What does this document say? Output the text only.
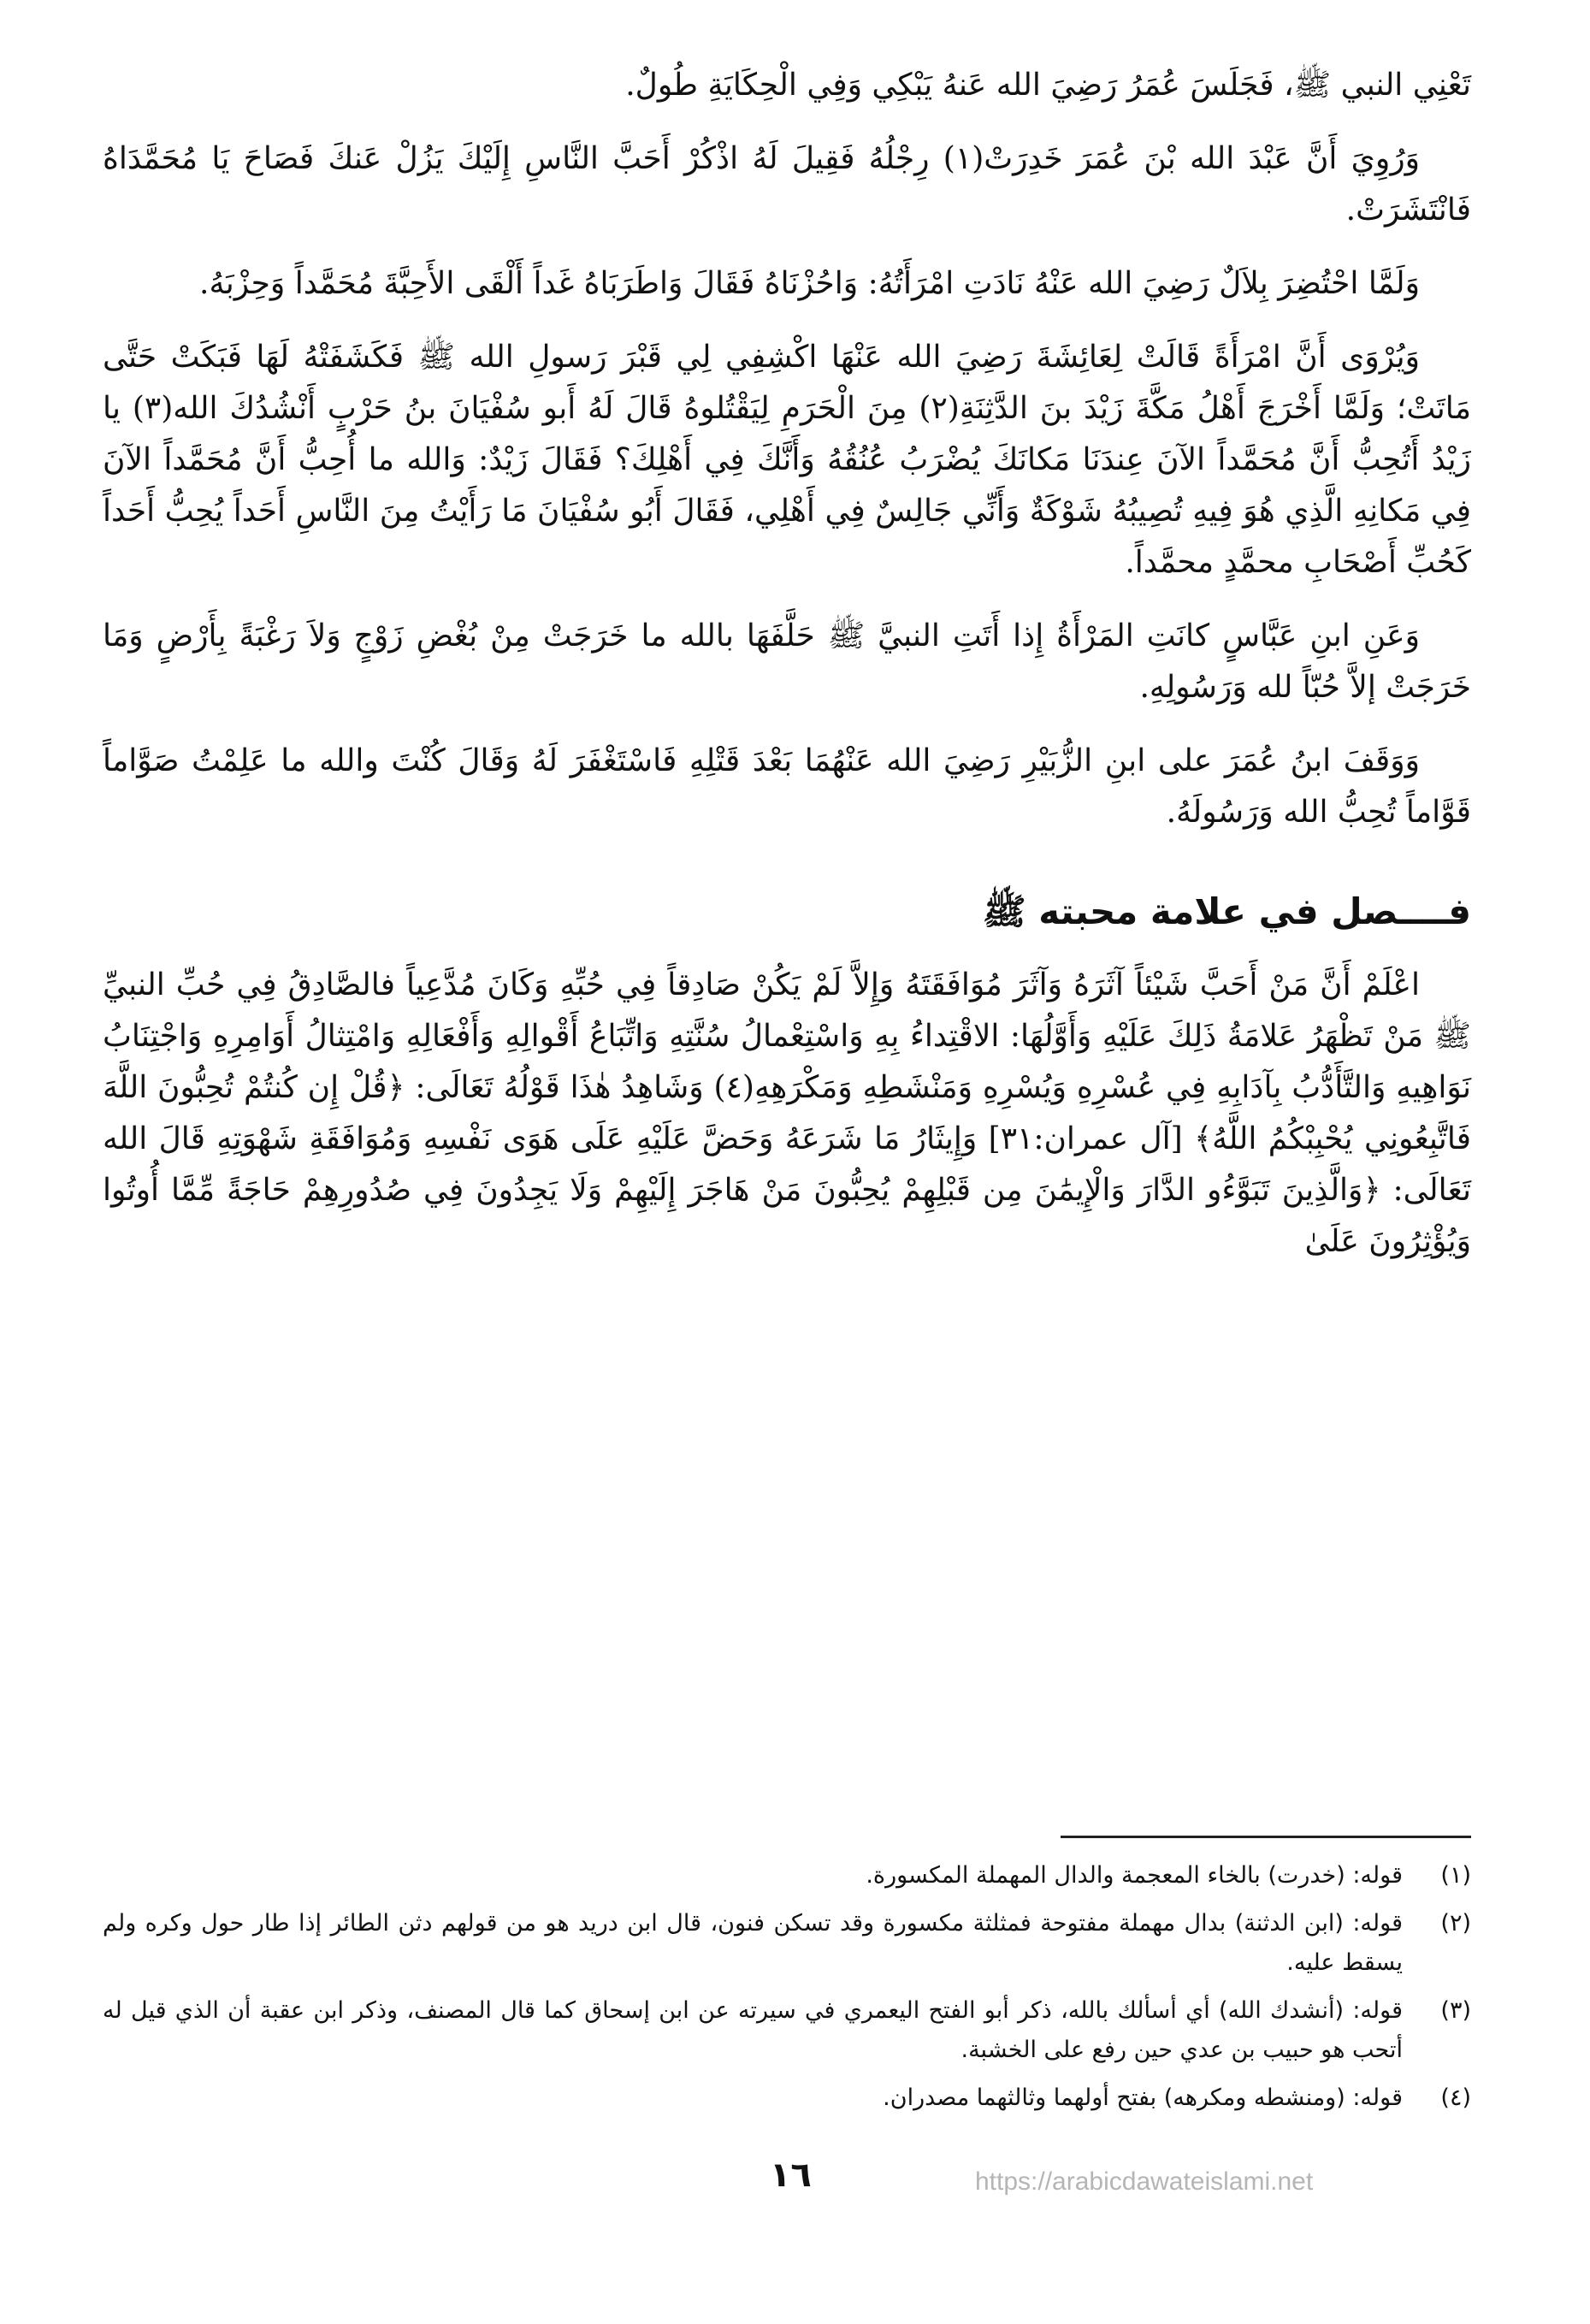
تَعْنِي النبي ﷺ، فَجَلَسَ عُمَرُ رَضِيَ الله عَنهُ يَبْكِي وَفِي الْحِكَايَةِ طُولٌ.

وَرُوِيَ أَنَّ عَبْدَ الله بْنَ عُمَرَ خَدِرَتْ(١) رِجْلُهُ فَقِيلَ لَهُ اذْكُرْ أَحَبَّ النَّاسِ إِلَيْكَ يَزُلْ عَنكَ فَصَاحَ يَا مُحَمَّدَاهُ فَانْتَشَرَتْ.

وَلَمَّا احْتُضِرَ بِلاَلٌ رَضِيَ الله عَنْهُ نَادَتِ امْرَأَتُهُ: وَاحُزْنَاهُ فَقَالَ وَاطَرَبَاهُ غَداً أَلْقَى الأَحِبَّةَ مُحَمَّداً وَحِزْبَهُ.

وَيُرْوَى أَنَّ امْرَأَةً قَالَتْ لِعَائِشَةَ رَضِيَ الله عَنْهَا اكْشِفِي لِي قَبْرَ رَسولِ الله ﷺ فَكَشَفَتْهُ لَهَا فَبَكَتْ حَتَّى مَاتَتْ؛ وَلَمَّا أَخْرَجَ أَهْلُ مَكَّةَ زَيْدَ بنَ الدَّثِنَةِ(٢) مِنَ الْحَرَمِ لِيَقْتُلوهُ قَالَ لَهُ أَبو سُفْيَانَ بنُ حَرْبٍ أَنْشُدُكَ الله(٣) يا زَيْدُ أَتُحِبُّ أَنَّ مُحَمَّداً الآنَ عِندَنَا مَكانَكَ يُضْرَبُ عُنُقُهُ وَأَنَّكَ فِي أَهْلِكَ؟ فَقَالَ زَيْدٌ: وَالله ما أُحِبُّ أَنَّ مُحَمَّداً الآنَ فِي مَكانِهِ الَّذِي هُوَ فِيهِ تُصِيبُهُ شَوْكَةٌ وَأَنِّي جَالِسٌ فِي أَهْلِي، فَقَالَ أَبُو سُفْيَانَ مَا رَأَيْتُ مِنَ النَّاسِ أَحَداً يُحِبُّ أَحَداً كَحُبِّ أَصْحَابِ محمَّدٍ محمَّداً.

وَعَنِ ابنِ عَبَّاسٍ كانَتِ المَرْأَةُ إِذا أَتَتِ النبيَّ ﷺ حَلَّفَهَا بالله ما خَرَجَتْ مِنْ بُغْضِ زَوْجٍ وَلاَ رَغْبَةً بِأَرْضٍ وَمَا خَرَجَتْ إلاَّ حُبّاً لله وَرَسُولِهِ.

وَوَقَفَ ابنُ عُمَرَ على ابنِ الزُّبَيْرِ رَضِيَ الله عَنْهُمَا بَعْدَ قَتْلِهِ فَاسْتَغْفَرَ لَهُ وَقَالَ كُنْتَ والله ما عَلِمْتُ صَوَّاماً قَوَّاماً تُحِبُّ الله وَرَسُولَهُ.

فــــصل في علامة محبته ﷺ

اعْلَمْ أَنَّ مَنْ أَحَبَّ شَيْئاً آثَرَهُ وَآثَرَ مُوَافَقَتَهُ وَإِلاَّ لَمْ يَكُنْ صَادِقاً فِي حُبِّهِ وَكَانَ مُدَّعِياً فالصَّادِقُ فِي حُبِّ النبيِّ ﷺ مَنْ تَظْهَرُ عَلامَةُ ذَلِكَ عَلَيْهِ وَأَوَّلُهَا: الاقْتِداءُ بِهِ وَاسْتِعْمالُ سُنَّتِهِ وَاتِّبَاعُ أَقْوالِهِ وَأَفْعَالِهِ وَامْتِثالُ أَوَامِرِهِ وَاجْتِنَابُ نَوَاهِيهِ وَالتَّأَدُّبُ بِآدَابِهِ فِي عُسْرِهِ وَيُسْرِهِ وَمَنْشَطِهِ وَمَكْرَهِهِ(٤) وَشَاهِدُ هٰذَا قَوْلُهُ تَعَالَى: ﴿قُلْ إِن كُنتُمْ تُحِبُّونَ اللَّهَ فَاتَّبِعُونِي يُحْبِبْكُمُ اللَّهُ﴾ [آل عمران:٣١] وَإِيثَارُ مَا شَرَعَهُ وَحَضَّ عَلَيْهِ عَلَى هَوَى نَفْسِهِ وَمُوَافَقَةِ شَهْوَتِهِ قَالَ الله تَعَالَى: ﴿وَالَّذِينَ تَبَوَّءُو الدَّارَ وَالْإِيمَٰنَ مِن قَبْلِهِمْ يُحِبُّونَ مَنْ هَاجَرَ إِلَيْهِمْ وَلَا يَجِدُونَ فِي صُدُورِهِمْ حَاجَةً مِّمَّا أُوتُوا وَيُؤْثِرُونَ عَلَىٰ

(١)
قوله: (خدرت) بالخاء المعجمة والدال المهملة المكسورة.
(٢)
قوله: (ابن الدثنة) بدال مهملة مفتوحة فمثلثة مكسورة وقد تسكن فنون، قال ابن دريد هو من قولهم دثن الطائر إذا طار حول وكره ولم يسقط عليه.
(٣)
قوله: (أنشدك الله) أي أسألك بالله، ذكر أبو الفتح اليعمري في سيرته عن ابن إسحاق كما قال المصنف، وذكر ابن عقبة أن الذي قيل له أتحب هو حبيب بن عدي حين رفع على الخشبة.
(٤)
قوله: (ومنشطه ومكرهه) بفتح أولهما وثالثهما مصدران.
١٦	https://arabicdawateislami.net
